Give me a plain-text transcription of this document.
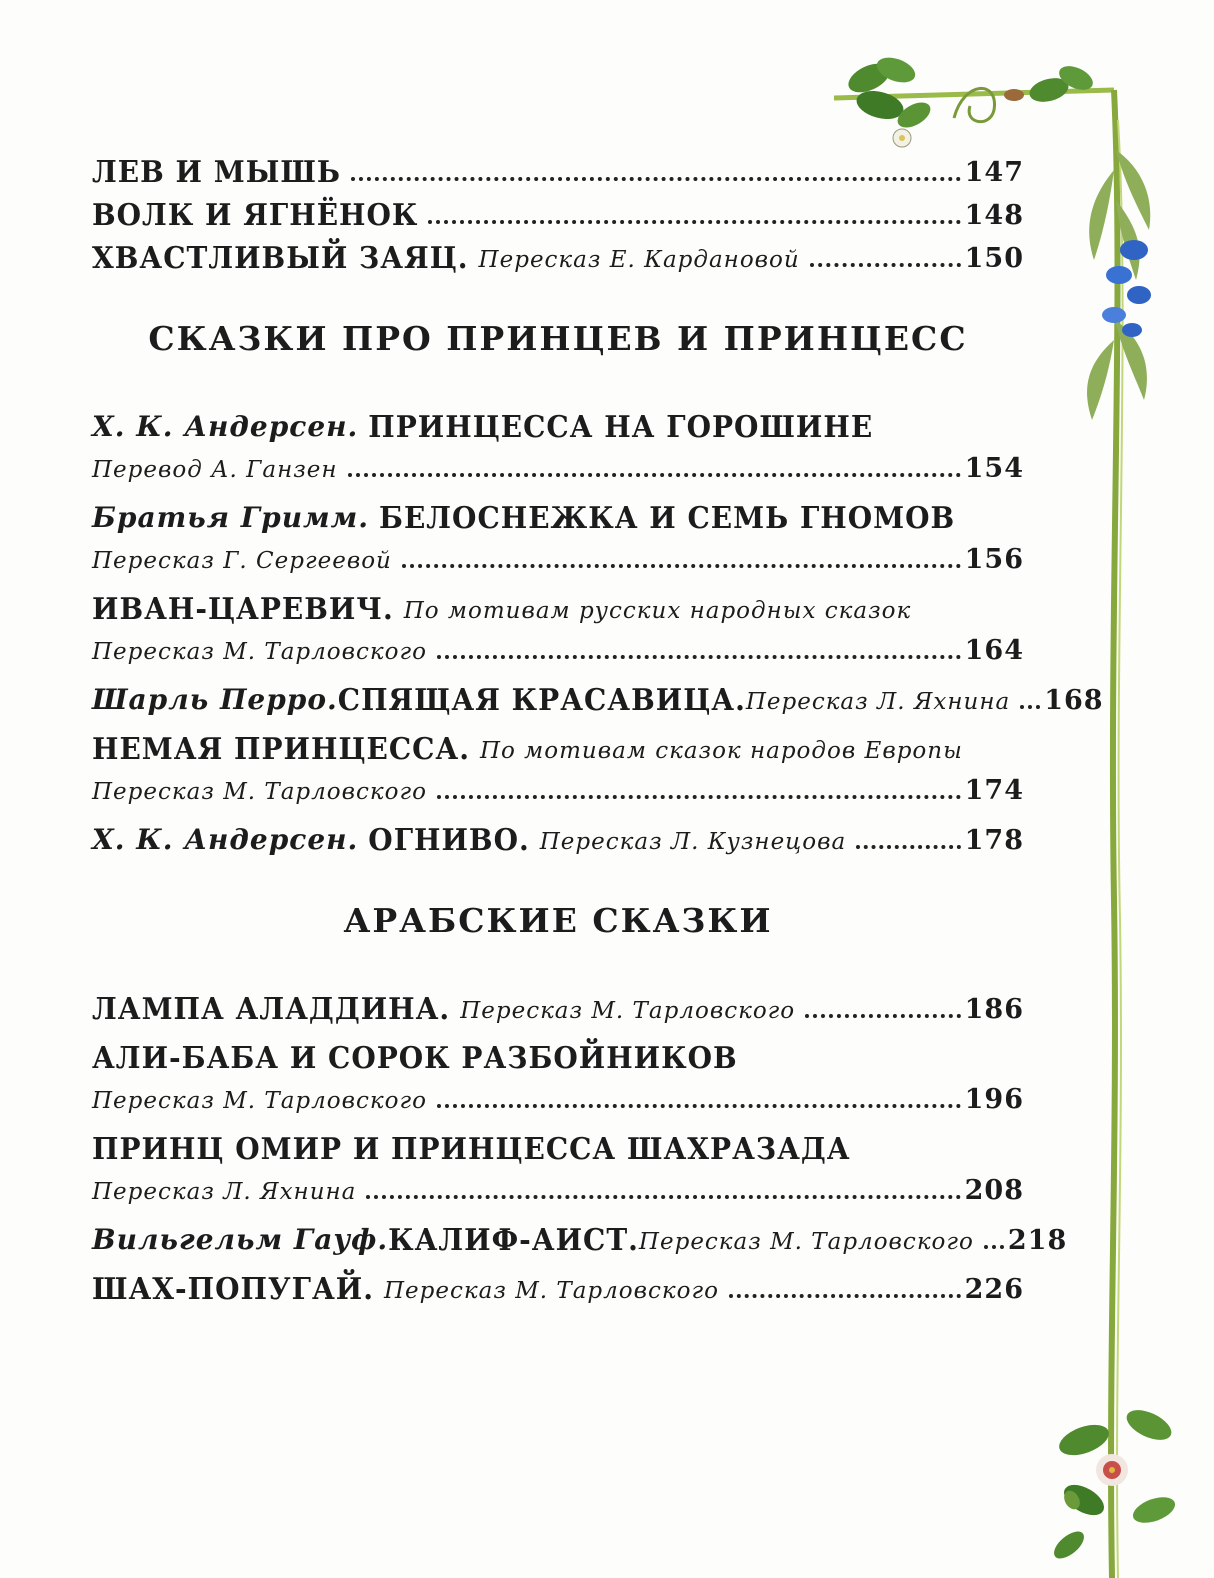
ЛЕВ И МЫШЬ	147
ВОЛК И ЯГНЁНОК	148
ХВАСТЛИВЫЙ ЗАЯЦ. Пересказ Е. Кардановой	150
СКАЗКИ ПРО ПРИНЦЕВ И ПРИНЦЕСС
Х. К. Андерсен. ПРИНЦЕССА НА ГОРОШИНЕ
Перевод А. Ганзен	154
Братья Гримм. БЕЛОСНЕЖКА И СЕМЬ ГНОМОВ
Пересказ Г. Сергеевой	156
ИВАН-ЦАРЕВИЧ. По мотивам русских народных сказок
Пересказ М. Тарловского	164
Шарль Перро. СПЯЩАЯ КРАСАВИЦА. Пересказ Л. Яхнина 168
НЕМАЯ ПРИНЦЕССА. По мотивам сказок народов Европы
Пересказ М. Тарловского	174
Х. К. Андерсен. ОГНИВО. Пересказ Л. Кузнецова	178
АРАБСКИЕ СКАЗКИ
ЛАМПА АЛАДДИНА. Пересказ М. Тарловского	186
АЛИ-БАБА И СОРОК РАЗБОЙНИКОВ
Пересказ М. Тарловского	196
ПРИНЦ ОМИР И ПРИНЦЕССА ШАХРАЗАДА
Пересказ Л. Яхнина	208
Вильгельм Гауф. КАЛИФ-АИСТ. Пересказ М. Тарловского 218
ШАХ-ПОПУГАЙ. Пересказ М. Тарловского	226
